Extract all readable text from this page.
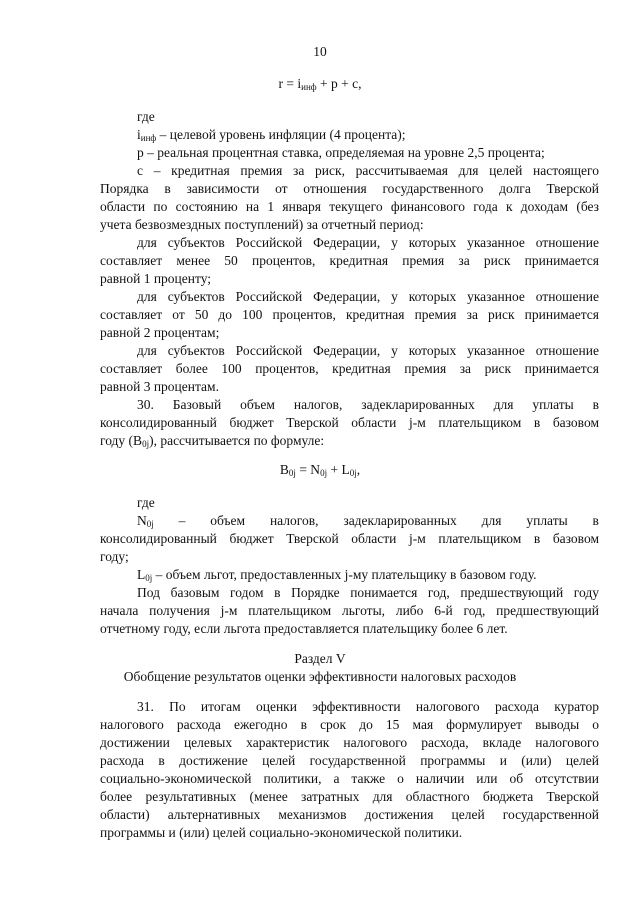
10
$r = i_{инф} + p + c$,
где
$i_{инф}$ – целевой уровень инфляции (4 процента);
p – реальная процентная ставка, определяемая на уровне 2,5 процента;
c – кредитная премия за риск, рассчитываемая для целей настоящего
Порядка в зависимости от отношения государственного долга Тверской
области по состоянию на 1 января текущего финансового года к доходам (без
учета безвозмездных поступлений) за отчетный период:
для субъектов Российской Федерации, у которых указанное отношение
составляет менее 50 процентов, кредитная премия за риск принимается
равной 1 проценту;
для субъектов Российской Федерации, у которых указанное отношение
составляет от 50 до 100 процентов, кредитная премия за риск принимается
равной 2 процентам;
для субъектов Российской Федерации, у которых указанное отношение
составляет более 100 процентов, кредитная премия за риск принимается
равной 3 процентам.
30. Базовый объем налогов, задекларированных для уплаты в
консолидированный бюджет Тверской области j-м плательщиком в базовом
году $(B_{0j})$, рассчитывается по формуле:
$B_{0j} = N_{0j} + L_{0j}$,
где
$N_{0j}$ – объем налогов, задекларированных для уплаты в
консолидированный бюджет Тверской области j-м плательщиком в базовом
году;
$L_{0j}$ – объем льгот, предоставленных j-му плательщику в базовом году.
Под базовым годом в Порядке понимается год, предшествующий году
начала получения j-м плательщиком льготы, либо 6-й год, предшествующий
отчетному году, если льгота предоставляется плательщику более 6 лет.
Раздел V
Обобщение результатов оценки эффективности налоговых расходов
31. По итогам оценки эффективности налогового расхода куратор
налогового расхода ежегодно в срок до 15 мая формулирует выводы о
достижении целевых характеристик налогового расхода, вкладе налогового
расхода в достижение целей государственной программы и (или) целей
социально-экономической политики, а также о наличии или об отсутствии
более результативных (менее затратных для областного бюджета Тверской
области) альтернативных механизмов достижения целей государственной
программы и (или) целей социально-экономической политики.
